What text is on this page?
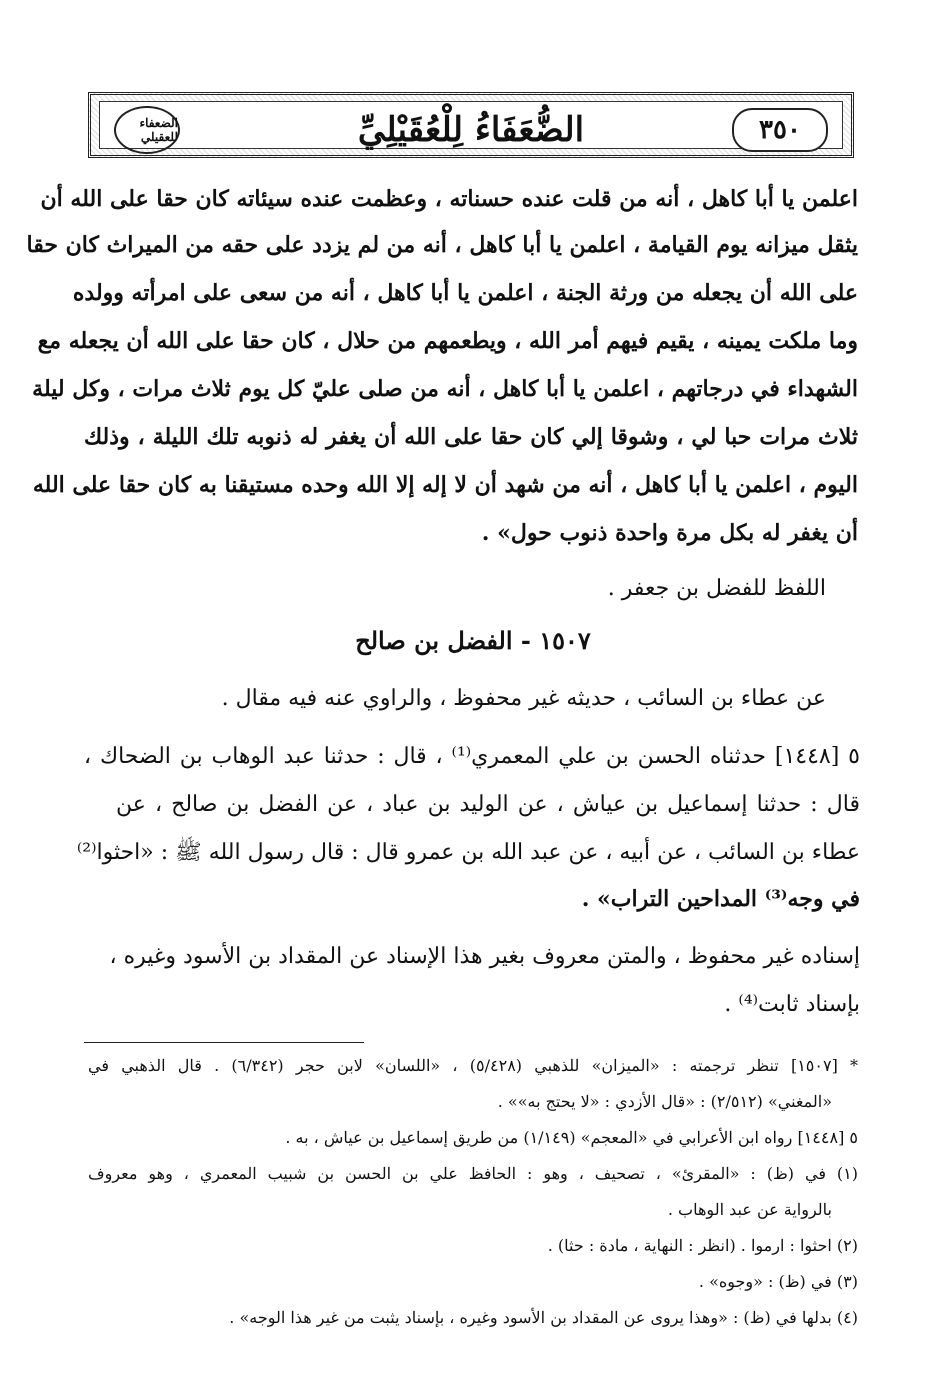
٣٥٠
الضُّعَفَاءُ لِلْعُقَيْلِيِّ
الضعفاء للعقيلي
اعلمن يا أبا كاهل ، أنه من قلت عنده حسناته ، وعظمت عنده سيئاته كان حقا على الله أن
يثقل ميزانه يوم القيامة ، اعلمن يا أبا كاهل ، أنه من لم يزدد على حقه من الميراث كان حقا
على الله أن يجعله من ورثة الجنة ، اعلمن يا أبا كاهل ، أنه من سعى على امرأته وولده
وما ملكت يمينه ، يقيم فيهم أمر الله ، ويطعمهم من حلال ، كان حقا على الله أن يجعله مع
الشهداء في درجاتهم ، اعلمن يا أبا كاهل ، أنه من صلى عليّ كل يوم ثلاث مرات ، وكل ليلة
ثلاث مرات حبا لي ، وشوقا إلي كان حقا على الله أن يغفر له ذنوبه تلك الليلة ، وذلك
اليوم ، اعلمن يا أبا كاهل ، أنه من شهد أن لا إله إلا الله وحده مستيقنا به كان حقا على الله
أن يغفر له بكل مرة واحدة ذنوب حول» .
اللفظ للفضل بن جعفر .
١٥٠٧ - الفضل بن صالح
عن عطاء بن السائب ، حديثه غير محفوظ ، والراوي عنه فيه مقال .
٥ [١٤٤٨] حدثناه الحسن بن علي المعمري⁽¹⁾ ، قال : حدثنا عبد الوهاب بن الضحاك ،
قال : حدثنا إسماعيل بن عياش ، عن الوليد بن عباد ، عن الفضل بن صالح ، عن
عطاء بن السائب ، عن أبيه ، عن عبد الله بن عمرو قال : قال رسول الله ﷺ : «احثوا⁽²⁾
في وجه⁽³⁾ المداحين التراب» .
إسناده غير محفوظ ، والمتن معروف بغير هذا الإسناد عن المقداد بن الأسود وغيره ،
بإسناد ثابت⁽⁴⁾ .
* [١٥٠٧] تنظر ترجمته : «الميزان» للذهبي (٥/٤٢٨) ، «اللسان» لابن حجر (٦/٣٤٢) . قال الذهبي في
«المغني» (٢/٥١٢) : «قال الأزدي : «لا يحتج به»» .
٥ [١٤٤٨] رواه ابن الأعرابي في «المعجم» (١/١٤٩) من طريق إسماعيل بن عياش ، به .
(١) في (ظ) : «المقرئ» ، تصحيف ، وهو : الحافظ علي بن الحسن بن شبيب المعمري ، وهو معروف
بالرواية عن عبد الوهاب .
(٢) احثوا : ارموا . (انظر : النهاية ، مادة : حثا) .
(٣) في (ظ) : «وجوه» .
(٤) بدلها في (ظ) : «وهذا يروى عن المقداد بن الأسود وغيره ، بإسناد يثبت من غير هذا الوجه» .
